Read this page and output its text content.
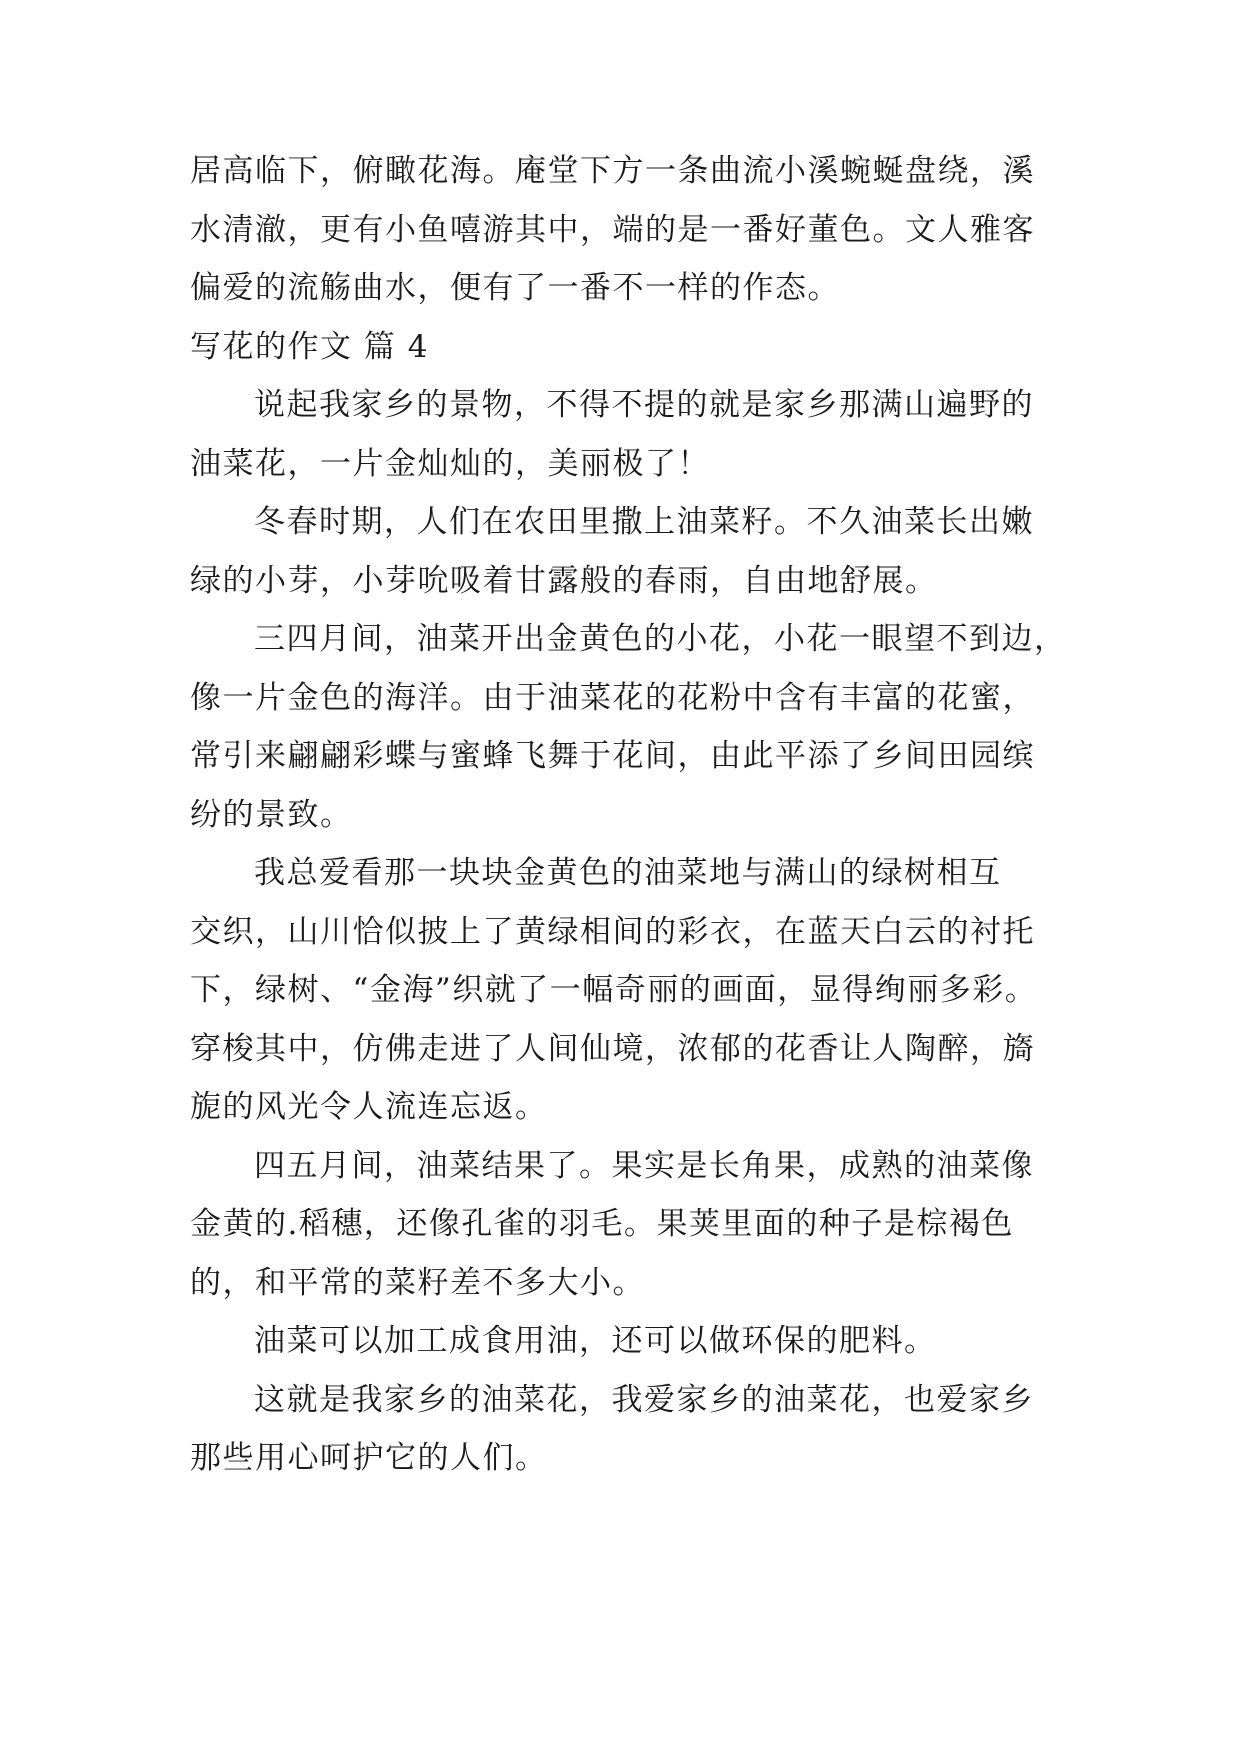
居高临下，俯瞰花海。庵堂下方一条曲流小溪蜿蜒盘绕，溪
水清澈，更有小鱼嘻游其中，端的是一番好董色。文人雅客
偏爱的流觞曲水，便有了一番不一样的作态。
写花的作文 篇 4
说起我家乡的景物，不得不提的就是家乡那满山遍野的
油菜花，一片金灿灿的，美丽极了！
冬春时期，人们在农田里撒上油菜籽。不久油菜长出嫩
绿的小芽，小芽吮吸着甘露般的春雨，自由地舒展。
三四月间，油菜开出金黄色的小花，小花一眼望不到边，
像一片金色的海洋。由于油菜花的花粉中含有丰富的花蜜，
常引来翩翩彩蝶与蜜蜂飞舞于花间，由此平添了乡间田园缤
纷的景致。
我总爱看那一块块金黄色的油菜地与满山的绿树相互
交织，山川恰似披上了黄绿相间的彩衣，在蓝天白云的衬托
下，绿树、“金海”织就了一幅奇丽的画面，显得绚丽多彩。
穿梭其中，仿佛走进了人间仙境，浓郁的花香让人陶醉，旖
旎的风光令人流连忘返。
四五月间，油菜结果了。果实是长角果，成熟的油菜像
金黄的.稻穗，还像孔雀的羽毛。果荚里面的种子是棕褐色
的，和平常的菜籽差不多大小。
油菜可以加工成食用油，还可以做环保的肥料。
这就是我家乡的油菜花，我爱家乡的油菜花，也爱家乡
那些用心呵护它的人们。
